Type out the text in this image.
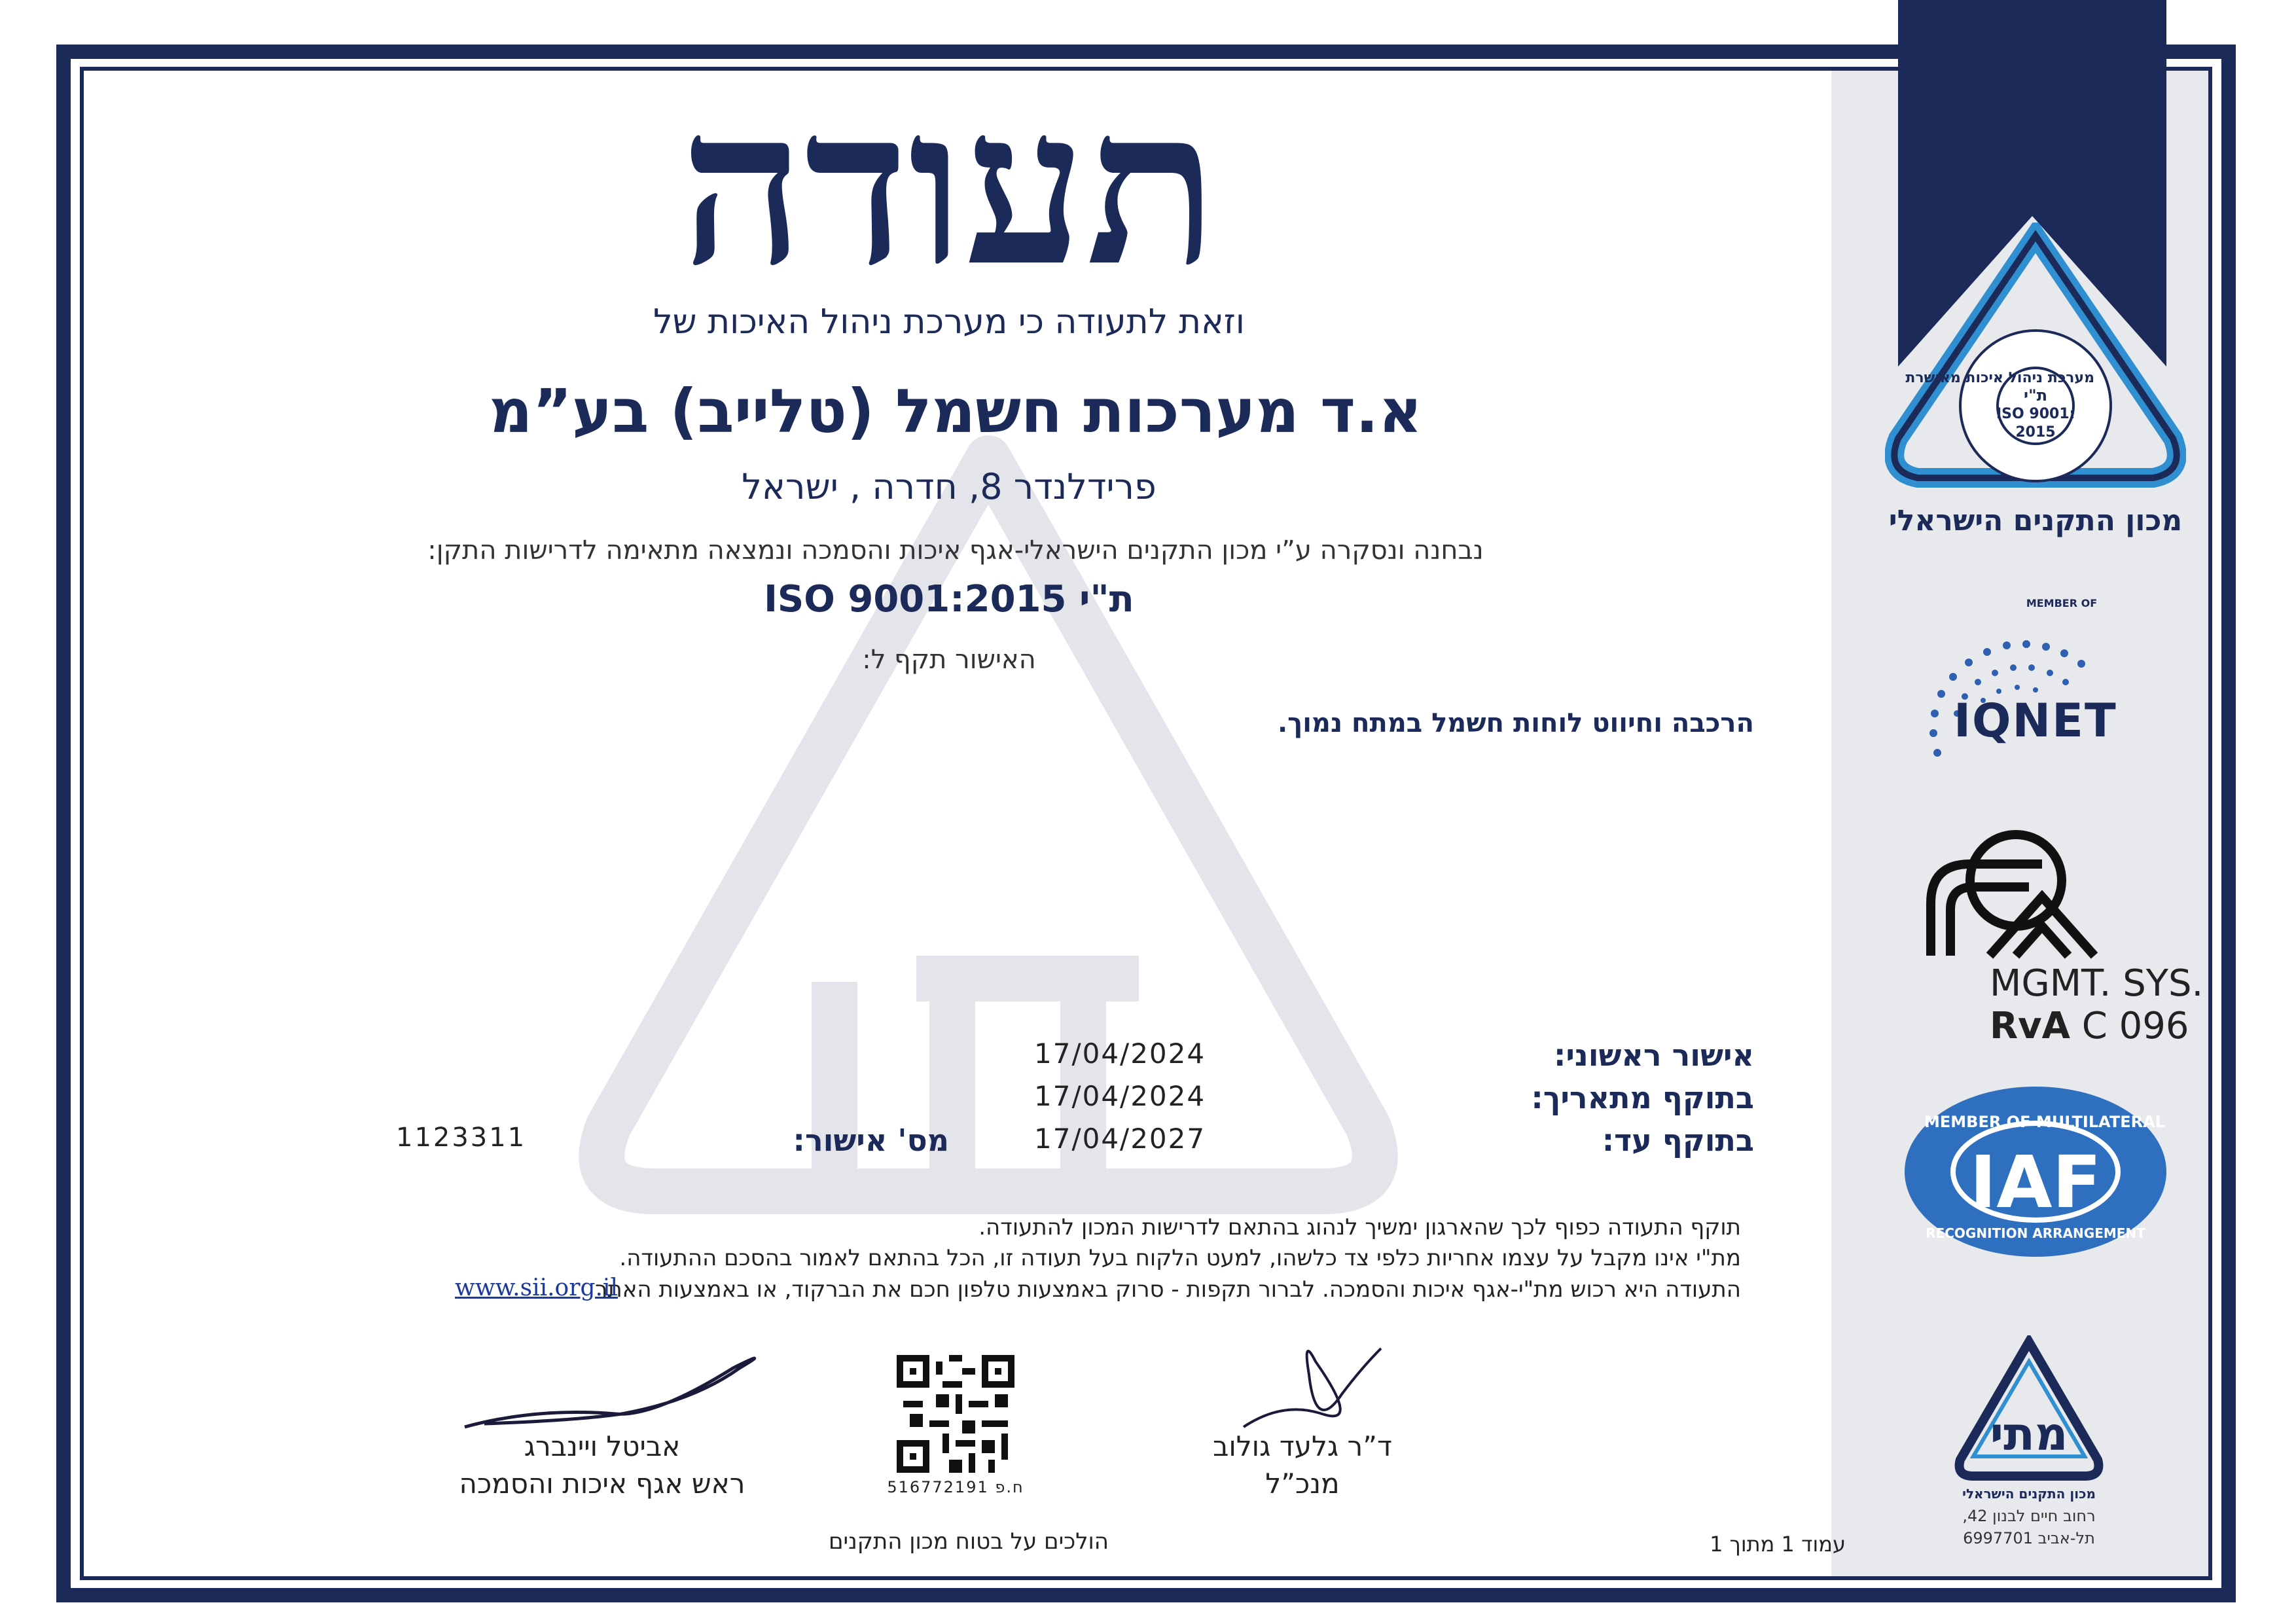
מערכת ניהול איכות מאושרת
ת"י
ISO 9001:
2015
מכון התקנים הישראלי
MEMBER OF
IQNET
MGMT. SYS.
RvA C 096
MEMBER OF MULTILATERAL
IAF
RECOGNITION ARRANGEMENT
מתי
מכון התקנים הישראלי
רחוב חיים לבנון 42,
תל-אביב 6997701
תעודה
וזאת לתעודה כי מערכת ניהול האיכות של
א.ד מערכות חשמל (טלייב) בע”מ
פרידלנדר 8, חדרה , ישראל
נבחנה ונסקרה ע”י מכון התקנים הישראלי-אגף איכות והסמכה ונמצאה מתאימה לדרישות התקן:
ת"י ISO 9001:2015
האישור תקף ל:
הרכבה וחיווט לוחות חשמל במתח נמוך.
אישור ראשוני:
17/04/2024
בתוקף מתאריך:
17/04/2024
בתוקף עד:
17/04/2027
מס' אישור:
1123311
תוקף התעודה כפוף לכך שהארגון ימשיך לנהוג בהתאם לדרישות המכון להתעודה.
מת"י אינו מקבל על עצמו אחריות כלפי צד כלשהו, למעט הלקוח בעל תעודה זו, הכל בהתאם לאמור בהסכם ההתעודה.
התעודה היא רכוש מת"י-אגף איכות והסמכה. לברור תקפות - סרוק באמצעות טלפון חכם את הברקוד, או באמצעות האתר
www.sii.org.il
אביטל ויינברג
ראש אגף איכות והסמכה
ד”ר גלעד גולוב
מנכ”ל
ח.פ 516772191
הולכים על בטוח מכון התקנים	עמוד 1 מתוך 1
